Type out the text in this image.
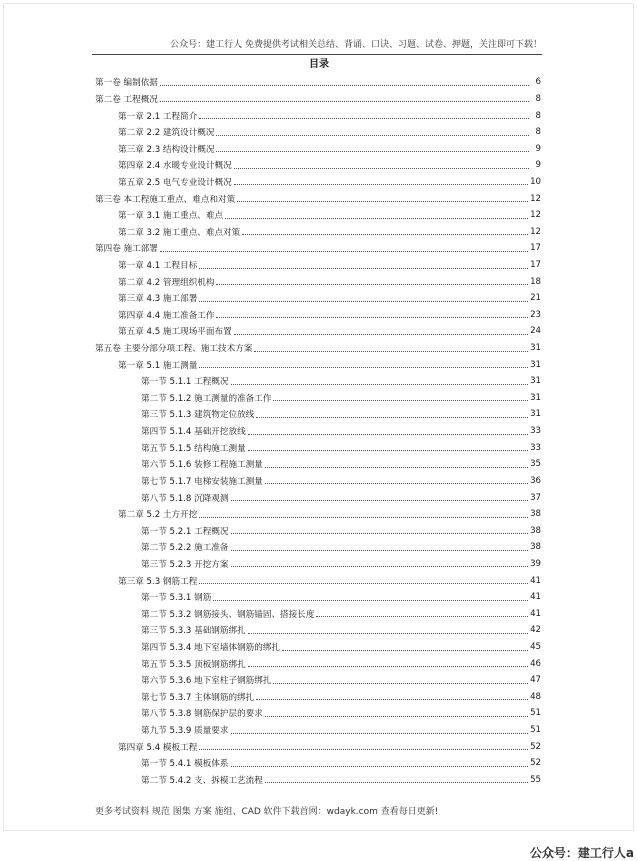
公众号：建工行人 免费提供考试相关总结、背诵、口诀、习题、试卷、押题，关注即可下载！
目录
第一卷 编制依据	6
第二卷 工程概况	8
第一章 2.1 工程简介	8
第二章 2.2 建筑设计概况	8
第三章 2.3 结构设计概况	9
第四章 2.4 水暖专业设计概况	9
第五章 2.5 电气专业设计概况	10
第三卷 本工程施工重点、难点和对策	12
第一章 3.1 施工重点、难点	12
第二章 3.2 施工重点、难点对策	12
第四卷 施工部署	17
第一章 4.1 工程目标	17
第二章 4.2 管理组织机构	18
第三章 4.3 施工部署	21
第四章 4.4 施工准备工作	23
第五章 4.5 施工现场平面布置	24
第五卷 主要分部分项工程、施工技术方案	31
第一章 5.1 施工测量	31
第一节 5.1.1 工程概况	31
第二节 5.1.2 施工测量的准备工作	31
第三节 5.1.3 建筑物定位放线	31
第四节 5.1.4 基础开挖放线	33
第五节 5.1.5 结构施工测量	33
第六节 5.1.6 装修工程施工测量	35
第七节 5.1.7 电梯安装施工测量	36
第八节 5.1.8 沉降观测	37
第二章 5.2 土方开挖	38
第一节 5.2.1 工程概况	38
第二节 5.2.2 施工准备	38
第三节 5.2.3 开挖方案	39
第三章 5.3 钢筋工程	41
第一节 5.3.1 钢筋	41
第二节 5.3.2 钢筋接头、钢筋锚固、搭接长度	41
第三节 5.3.3 基础钢筋绑扎	42
第四节 5.3.4 地下室墙体钢筋的绑扎	45
第五节 5.3.5 顶板钢筋绑扎	46
第六节 5.3.6 地下室柱子钢筋绑扎	47
第七节 5.3.7 主体钢筋的绑扎	48
第八节 5.3.8 钢筋保护层的要求	51
第九节 5.3.9 质量要求	51
第四章 5.4 模板工程	52
第一节 5.4.1 模板体系	52
第二节 5.4.2 支、拆模工艺流程	55
更多考试资料 规范 图集 方案 施组、CAD 软件下载首网：wdayk.com 查看每日更新!
公众号：建工行人a
